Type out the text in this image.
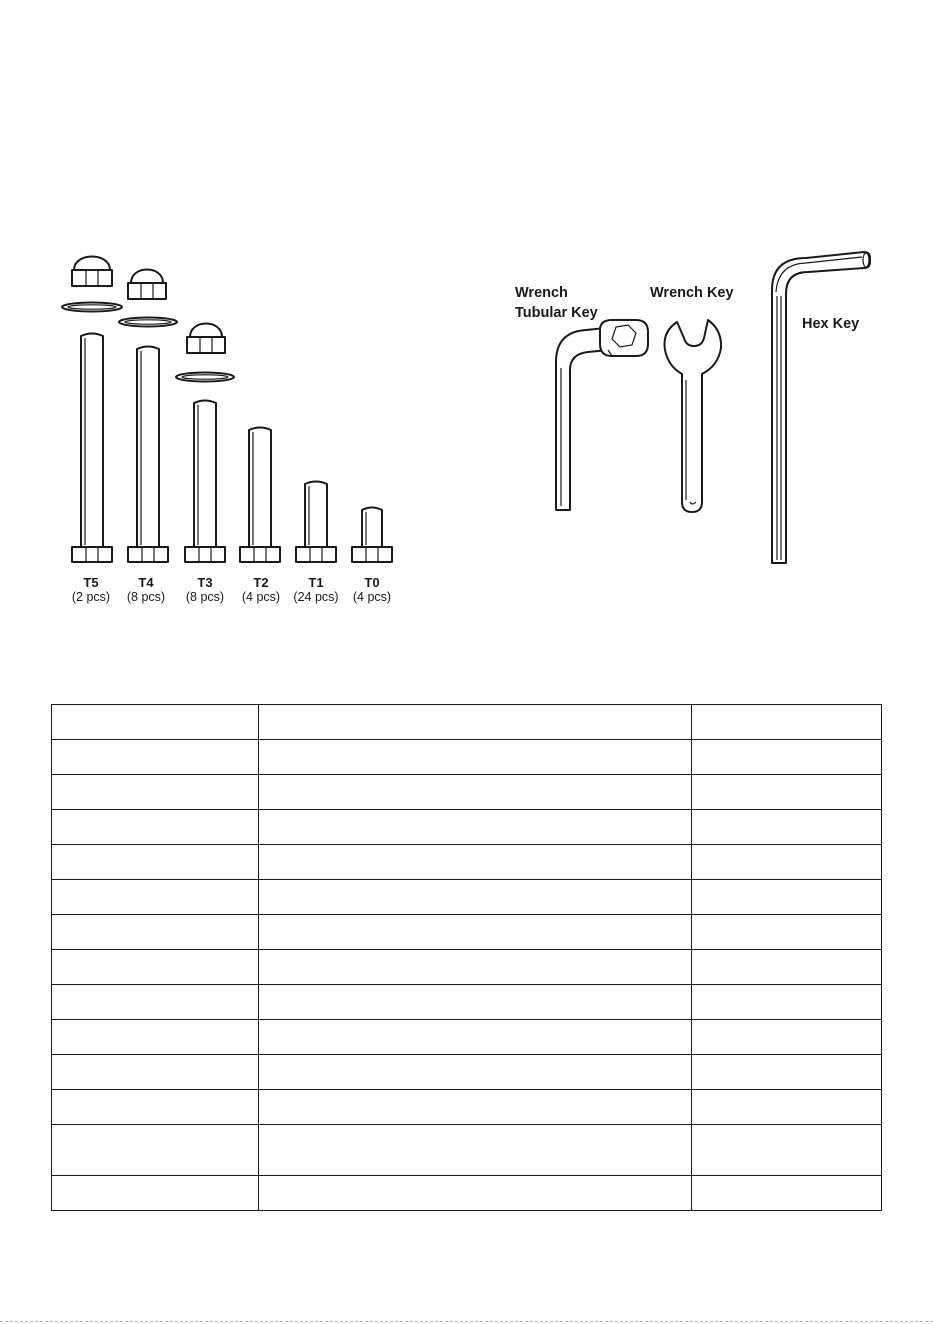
T5
(2 pcs)
T4
(8 pcs)
T3
(8 pcs)
T2
(4 pcs)
T1
(24 pcs)
T0
(4 pcs)
Wrench
Tubular Key
Wrench Key
Hex Key
